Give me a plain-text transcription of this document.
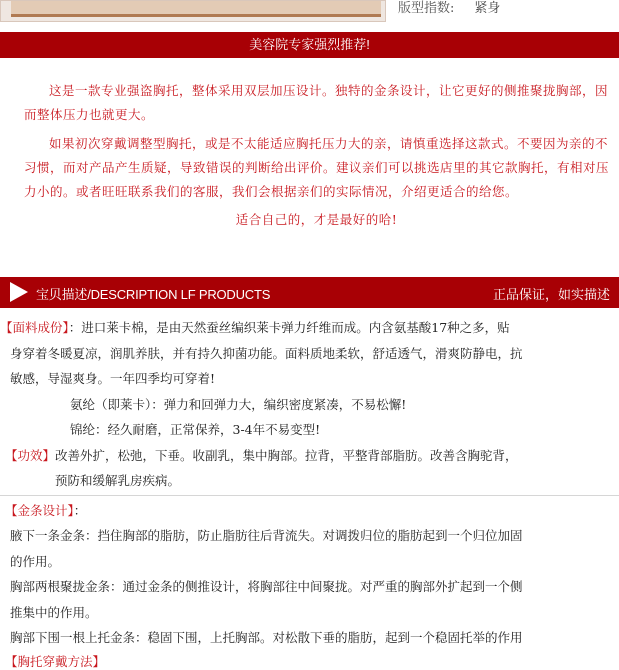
版型指数: 紧身
美容院专家强烈推荐!

这是一款专业强盗胸托，整体采用双层加压设计。独特的金条设计，让它更好的侧推聚拢胸部，因而整体压力也就更大。

如果初次穿戴调整型胸托，或是不太能适应胸托压力大的亲，请慎重选择这款式。不要因为亲的不习惯，而对产品产生质疑，导致错误的判断给出评价。建议亲们可以挑选店里的其它款胸托，有相对压力小的。或者旺旺联系我们的客服，我们会根据亲们的实际情况，介绍更适合的给您。

适合自己的，才是最好的哈!

宝贝描述/DESCRIPTION LF PRODUCTS	正品保证，如实描述
【面料成份】：进口莱卡棉，是由天然蚕丝编织莱卡弹力纤维而成。内含氨基酸17种之多，贴
身穿着冬暖夏凉，润肌养肤，并有持久抑菌功能。面料质地柔软，舒适透气，滑爽防静电，抗
敏感，导湿爽身。一年四季均可穿着!
氨纶（即莱卡）：弹力和回弹力大，编织密度紧凑，不易松懈!
锦纶：经久耐磨，正常保养，3-4年不易变型!
【功效】改善外扩，松弛，下垂。收副乳，集中胸部。拉背，平整背部脂肪。改善含胸驼背，
预防和缓解乳房疾病。
【金条设计】：
腋下一条金条：挡住胸部的脂肪，防止脂肪往后背流失。对调拨归位的脂肪起到一个归位加固
的作用。
胸部两根聚拢金条：通过金条的侧推设计，将胸部往中间聚拢。对严重的胸部外扩起到一个侧
推集中的作用。
胸部下围一根上托金条：稳固下围，上托胸部。对松散下垂的脂肪，起到一个稳固托举的作用
【胸托穿戴方法】
